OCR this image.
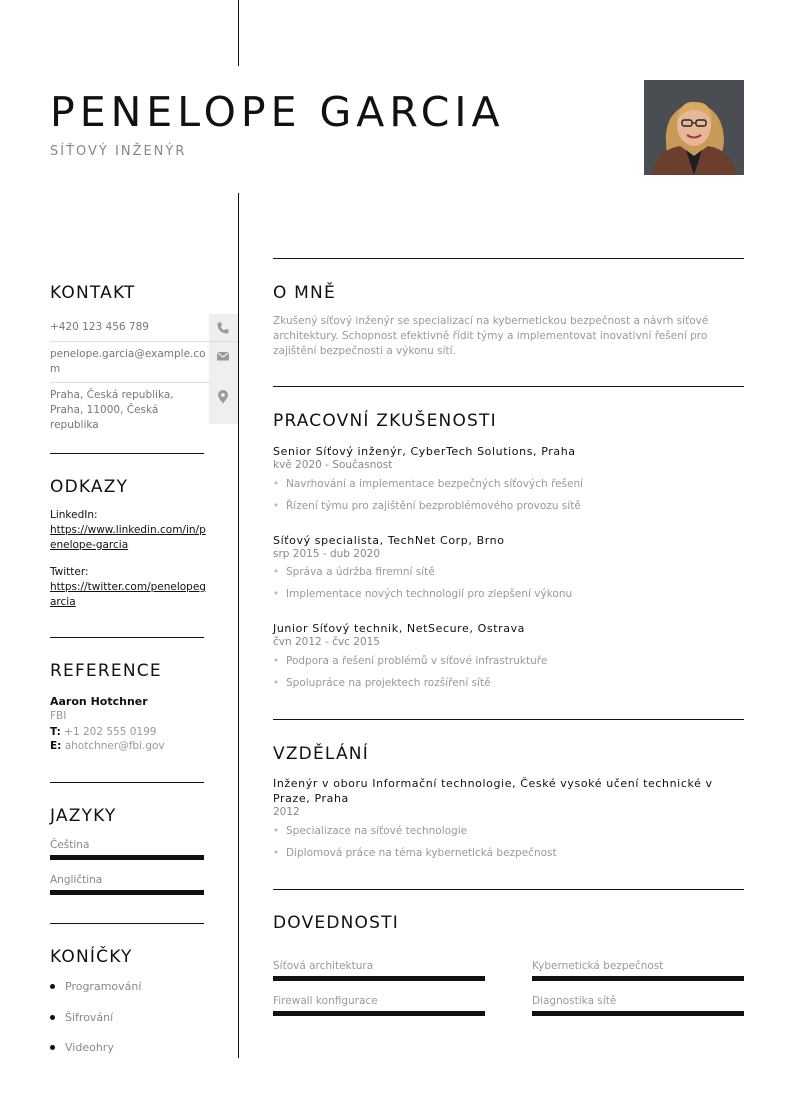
PENELOPE GARCIA
SÍŤOVÝ INŽENÝR
KONTAKT
+420 123 456 789
penelope.garcia@example.com
Praha, Česká republika, Praha, 11000, Česká republika
ODKAZY
LinkedIn:
https://www.linkedin.com/in/penelope-garcia
Twitter:
https://twitter.com/penelopegarcia
REFERENCE
Aaron Hotchner
FBI
T: +1 202 555 0199
E: ahotchner@fbi.gov
JAZYKY
Čeština
Angličtina
KONÍČKY
Programování
Šifrování
Videohry
O MNĚ

Zkušený síťový inženýr se specializací na kybernetickou bezpečnost a návrh síťové architektury. Schopnost efektivně řídit týmy a implementovat inovativní řešení pro zajištění bezpečnosti a výkonu sítí.

PRACOVNÍ ZKUŠENOSTI
Senior Síťový inženýr, CyberTech Solutions, Praha
kvě 2020 - Současnost
• Navrhování a implementace bezpečných síťových řešení
• Řízení týmu pro zajištění bezproblémového provozu sítě
Síťový specialista, TechNet Corp, Brno
srp 2015 - dub 2020
• Správa a údržba firemní sítě
• Implementace nových technologií pro zlepšení výkonu
Junior Síťový technik, NetSecure, Ostrava
čvn 2012 - čvc 2015
• Podpora a řešení problémů v síťové infrastruktuře
• Spolupráce na projektech rozšíření sítě
VZDĚLÁNÍ
Inženýr v oboru Informační technologie, České vysoké učení technické v Praze, Praha
2012
• Specializace na síťové technologie
• Diplomová práce na téma kybernetická bezpečnost
DOVEDNOSTI
Síťová architektura	Kybernetická bezpečnost
Firewall konfigurace	Diagnostika sítě
